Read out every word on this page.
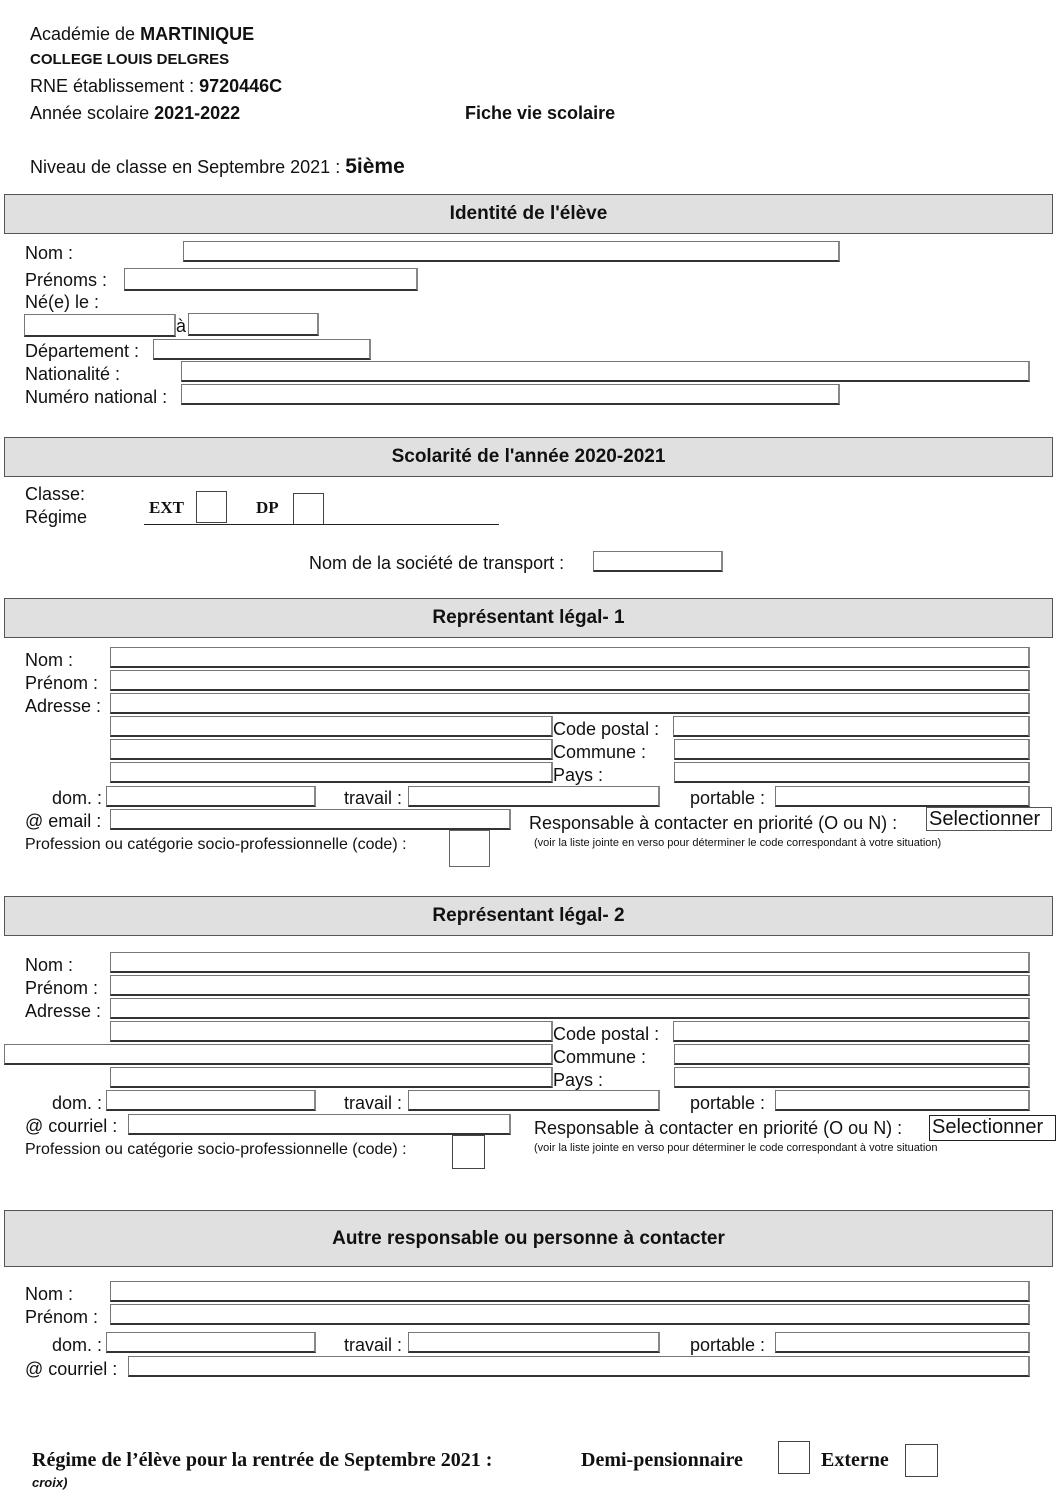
Académie de MARTINIQUE
COLLEGE LOUIS DELGRES
RNE établissement : 9720446C
Année scolaire 2021-2022	Fiche vie scolaire
Niveau de classe en Septembre 2021 : 5ième
Identité de l'élève
Nom :
Prénoms :
Né(e) le :
à
Département :
Nationalité :
Numéro national :
Scolarité de l'année 2020-2021
Classe:
Régime	EXT	DP
Nom de la société de transport :
Représentant légal- 1
Nom :
Prénom :
Adresse :
Code postal :
Commune :
Pays :
dom. :	travail :	portable :
@ email :	Responsable à contacter en priorité (O ou N) : Selectionner
Profession ou catégorie socio-professionnelle (code) :	(voir la liste jointe en verso pour déterminer le code correspondant à votre situation)
Représentant légal- 2
Nom :
Prénom :
Adresse :
Code postal :
Commune :
Pays :
dom. :	travail :	portable :
@ courriel :	Responsable à contacter en priorité (O ou N) : Selectionner
Profession ou catégorie socio-professionnelle (code) :	(voir la liste jointe en verso pour déterminer le code correspondant à votre situation
Autre responsable ou personne à contacter
Nom :
Prénom :
dom. :	travail :	portable :
@ courriel :
Régime de l’élève pour la rentrée de Septembre 2021 :	Demi-pensionnaire	Externe
croix)
